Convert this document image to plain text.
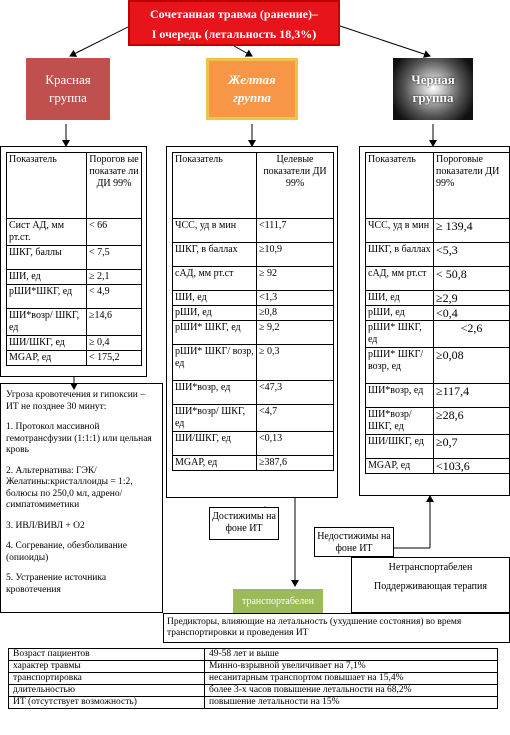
Сочетанная травма (ранение)–
I очередь (летальность 18,3%)
Красная
группа
Желтая
группа
Черная
группа
Показатель	Порогов ые показате ли ДИ 99%
Сист АД, мм рт.ст.	< 66
ШКГ, баллы	< 7,5
ШИ, ед	≥ 2,1
рШИ*ШКГ, ед	< 4,9
ШИ*возр/ ШКГ, ед	≥14,6
ШИ/ШКГ, ед	≥ 0,4
MGAP, ед	< 175,2
Показатель	Целевые показатели ДИ 99%
ЧСС, уд в мин	<111,7
ШКГ, в баллах	≥10,9
сАД, мм рт.ст	≥ 92
ШИ, ед	<1,3
рШИ, ед	≥0,8
рШИ* ШКГ, ед	≥ 9,2
рШИ* ШКГ/ возр, ед	≥ 0,3
ШИ*возр, ед	<47,3
ШИ*возр/ ШКГ, ед	<4,7
ШИ/ШКГ, ед	<0,13
MGAP, ед	≥387,6
Показатель	Пороговые показатели ДИ 99%
ЧСС, уд в мин	≥ 139,4
ШКГ, в баллах	<5,3
сАД, мм рт.ст	< 50,8
ШИ, ед	≥2,9
рШИ, ед	<0,4
рШИ* ШКГ, ед	<2,6
рШИ* ШКГ/ возр, ед	≥0,08
ШИ*возр, ед	≥117,4
ШИ*возр/ ШКГ, ед	≥28,6
ШИ/ШКГ, ед	≥0,7
MGAP, ед	<103,6

Угроза кровотечения и гипоксии – ИТ не позднее 30 минут:

1. Протокол массивной гемотрансфузии (1:1:1) или цельная кровь

2. Альтернатива: ГЭК/Желатины:кристаллоиды = 1:2, болюсы по 250,0 мл, адрено/симпатомиметики

3. ИВЛ/ВИВЛ + О2

4. Согревание, обезболивание (опиоиды)

5. Устранение источника кровотечения

Достижимы на фоне ИТ
Недостижимы на фоне ИТ
Нетранспортабелен
Поддерживающая терапия
транспортабелен
Предикторы, влияющие на летальность (ухудшение состояния) во время транспортировки и проведения ИТ
Возраст пациентов	49-58 лет и выше
характер травмы	Минно-взрывной увеличивает на 7,1%
транспортировка	несанитарным транспортом повышает на 15,4%
длительностью	более 3-х часов повышение летальности на 68,2%
ИТ (отсутствует возможность)	повышение летальности на 15%
